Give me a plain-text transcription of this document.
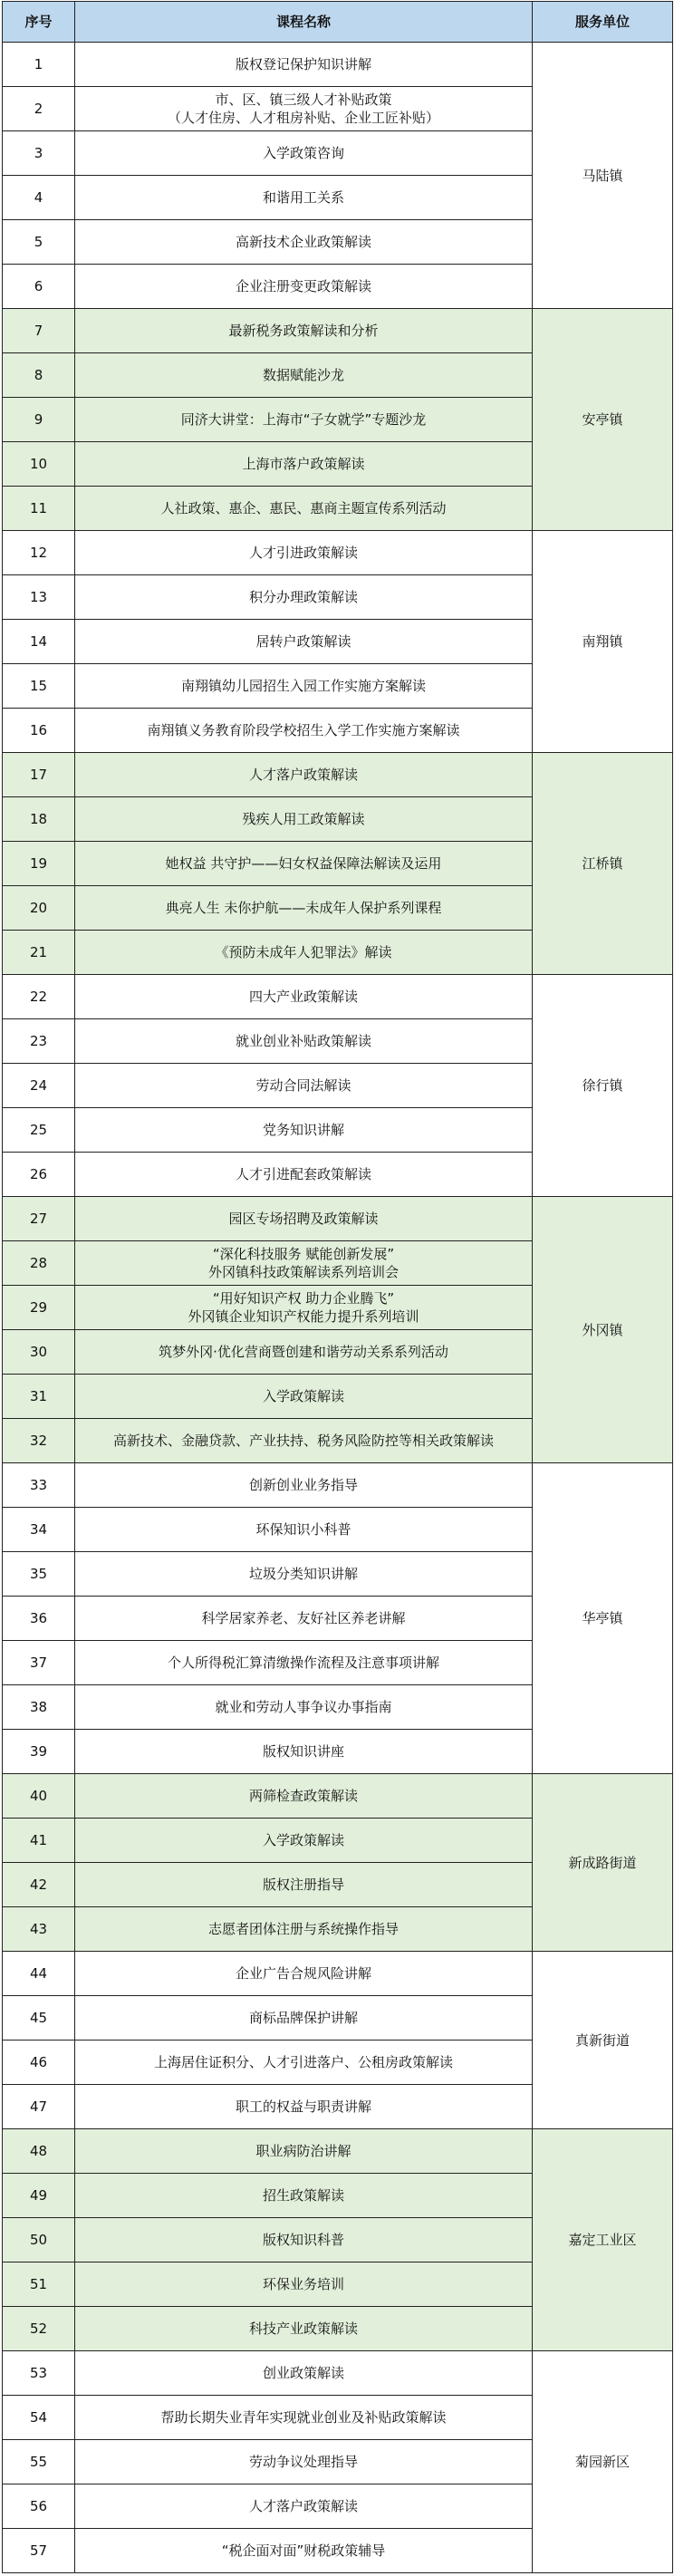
序号	课程名称	服务单位
1	版权登记保护知识讲解	马陆镇
2	市、区、镇三级人才补贴政策
（人才住房、人才租房补贴、企业工匠补贴）	

3	入学政策咨询	

4	和谐用工关系	

5	高新技术企业政策解读	

6	企业注册变更政策解读	

7	最新税务政策解读和分析	安亭镇
8	数据赋能沙龙	

9	同济大讲堂：上海市“子女就学”专题沙龙	

10	上海市落户政策解读	

11	人社政策、惠企、惠民、惠商主题宣传系列活动	

12	人才引进政策解读	南翔镇
13	积分办理政策解读	

14	居转户政策解读	

15	南翔镇幼儿园招生入园工作实施方案解读	

16	南翔镇义务教育阶段学校招生入学工作实施方案解读	

17	人才落户政策解读	江桥镇
18	残疾人用工政策解读	

19	她权益 共守护——妇女权益保障法解读及运用	

20	典亮人生 未你护航——未成年人保护系列课程	

21	《预防未成年人犯罪法》解读	

22	四大产业政策解读	徐行镇
23	就业创业补贴政策解读	

24	劳动合同法解读	

25	党务知识讲解	

26	人才引进配套政策解读	

27	园区专场招聘及政策解读	外冈镇
28	“深化科技服务 赋能创新发展”
外冈镇科技政策解读系列培训会	

29	“用好知识产权 助力企业腾飞”
外冈镇企业知识产权能力提升系列培训	

30	筑梦外冈·优化营商暨创建和谐劳动关系系列活动	

31	入学政策解读	

32	高新技术、金融贷款、产业扶持、税务风险防控等相关政策解读	

33	创新创业业务指导	华亭镇
34	环保知识小科普	

35	垃圾分类知识讲解	

36	科学居家养老、友好社区养老讲解	

37	个人所得税汇算清缴操作流程及注意事项讲解	

38	就业和劳动人事争议办事指南	

39	版权知识讲座	

40	两筛检查政策解读	新成路街道
41	入学政策解读	

42	版权注册指导	

43	志愿者团体注册与系统操作指导	

44	企业广告合规风险讲解	真新街道
45	商标品牌保护讲解	

46	上海居住证积分、人才引进落户、公租房政策解读	

47	职工的权益与职责讲解	

48	职业病防治讲解	嘉定工业区
49	招生政策解读	

50	版权知识科普	

51	环保业务培训	

52	科技产业政策解读	

53	创业政策解读	菊园新区
54	帮助长期失业青年实现就业创业及补贴政策解读	

55	劳动争议处理指导	

56	人才落户政策解读	

57	“税企面对面”财税政策辅导	
